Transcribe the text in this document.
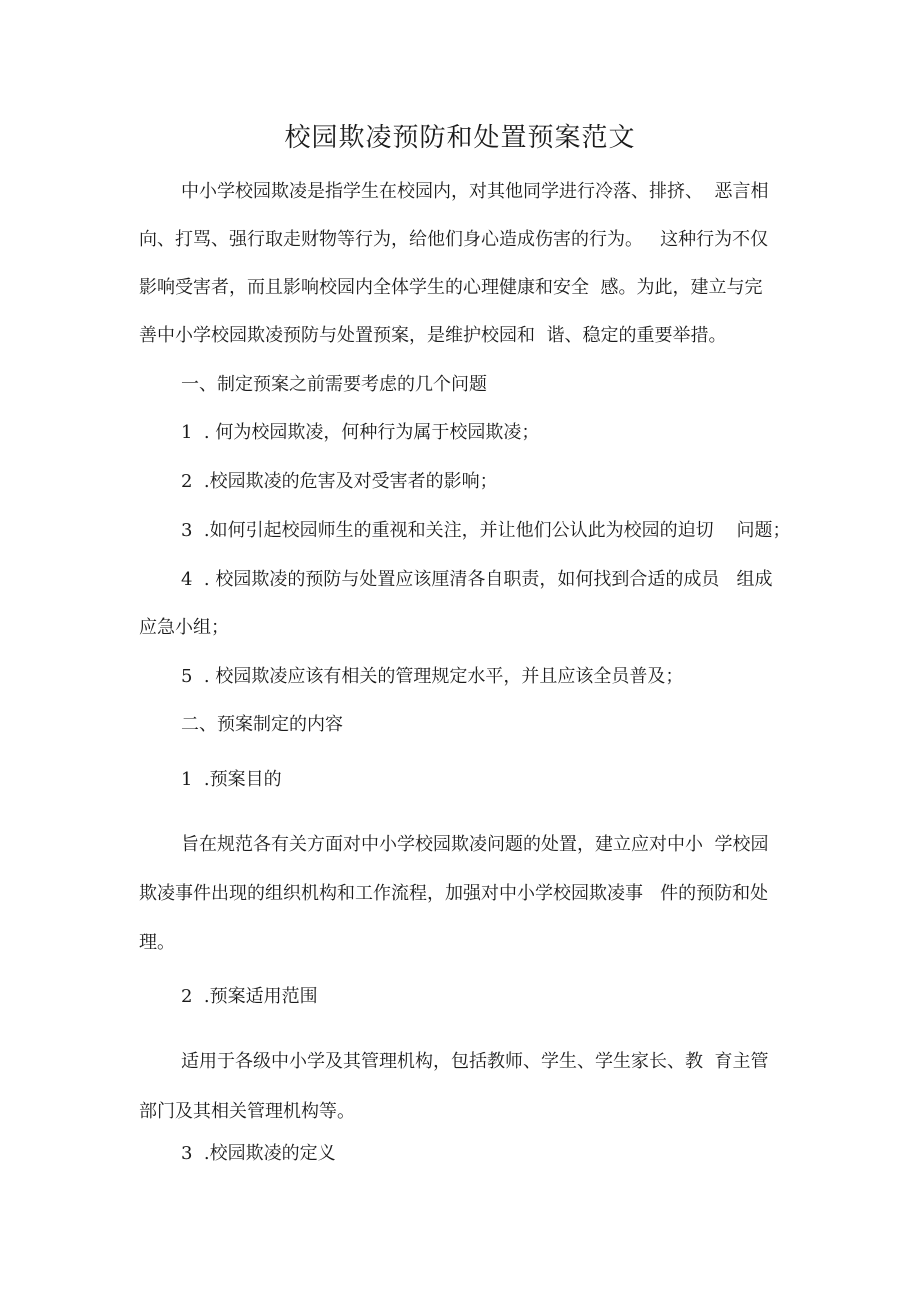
校园欺凌预防和处置预案范文

中小学校园欺凌是指学生在校园内，对其他同学进行冷落、排挤、  恶言相

向、打骂、强行取走财物等行为，给他们身心造成伤害的行为。   这种行为不仅

影响受害者，而且影响校园内全体学生的心理健康和安全  感。为此，建立与完

善中小学校园欺凌预防与处置预案，是维护校园和  谐、稳定的重要举措。

一、制定预案之前需要考虑的几个问题

1  . 何为校园欺凌，何种行为属于校园欺凌；

2  .校园欺凌的危害及对受害者的影响；

3  .如何引起校园师生的重视和关注，并让他们公认此为校园的迫切    问题；

4  . 校园欺凌的预防与处置应该厘清各自职责，如何找到合适的成员   组成

应急小组；

5  . 校园欺凌应该有相关的管理规定水平，并且应该全员普及；

二、预案制定的内容

1  .预案目的

旨在规范各有关方面对中小学校园欺凌问题的处置，建立应对中小  学校园

欺凌事件出现的组织机构和工作流程，加强对中小学校园欺凌事   件的预防和处

理。

2  .预案适用范围

适用于各级中小学及其管理机构，包括教师、学生、学生家长、教  育主管

部门及其相关管理机构等。

3  .校园欺凌的定义
